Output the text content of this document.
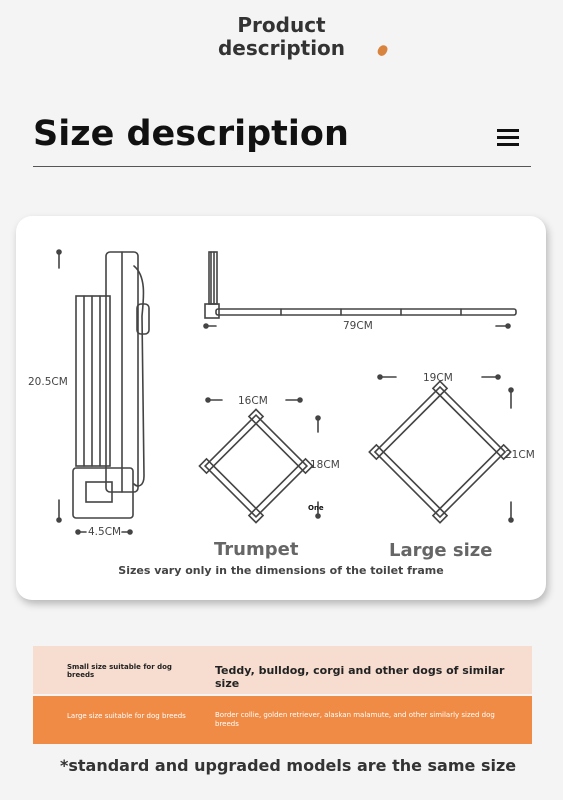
Product
description
Size description
20.5CM
4.5CM
79CM
16CM
18CM
19CM
21CM
One
Trumpet	Large size
Sizes vary only in the dimensions of the toilet frame
Small size suitable for dog breeds	Teddy, bulldog, corgi and other dogs of similar size
Large size suitable for dog breeds	Border collie, golden retriever, alaskan malamute, and other similarly sized dog breeds
*standard and upgraded models are the same size
